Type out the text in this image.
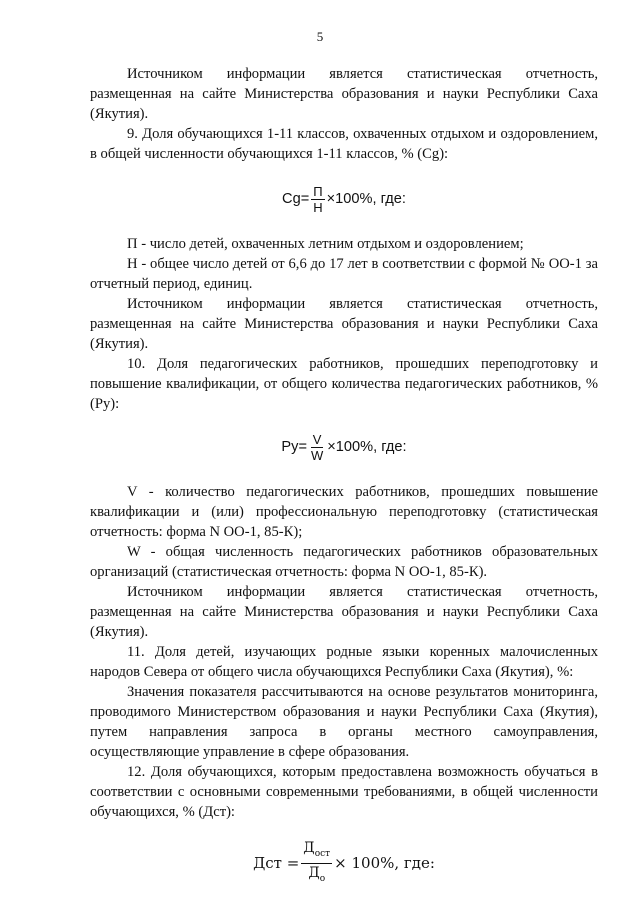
5

Источником информации является статистическая отчетность, размещенная на сайте Министерства образования и науки Республики Саха (Якутия).

9. Доля обучающихся 1-11 классов, охваченных отдыхом и оздоровлением, в общей численности обучающихся 1-11 классов, % (Cg):

$Cg= \frac{П}{Н} \times 100\%$, где:

П - число детей, охваченных летним отдыхом и оздоровлением;

Н - общее число детей от 6,6 до 17 лет в соответствии с формой № ОО-1 за отчетный период, единиц.

Источником информации является статистическая отчетность, размещенная на сайте Министерства образования и науки Республики Саха (Якутия).

10. Доля педагогических работников, прошедших переподготовку и повышение квалификации, от общего количества педагогических работников, % (Ру):

$Ру= \frac{V}{W} \times 100\%$, где:

V - количество педагогических работников, прошедших повышение квалификации и (или) профессиональную переподготовку (статистическая отчетность: форма N ОО-1, 85-К);

W - общая численность педагогических работников образовательных организаций (статистическая отчетность: форма N ОО-1, 85-К).

Источником информации является статистическая отчетность, размещенная на сайте Министерства образования и науки Республики Саха (Якутия).

11. Доля детей, изучающих родные языки коренных малочисленных народов Севера от общего числа обучающихся Республики Саха (Якутия), %:

Значения показателя рассчитываются на основе результатов мониторинга, проводимого Министерством образования и науки Республики Саха (Якутия), путем направления запроса в органы местного самоуправления, осуществляющие управление в сфере образования.

12. Доля обучающихся, которым предоставлена возможность обучаться в соответствии с основными современными требованиями, в общей численности обучающихся, % (Дст):

Дст = $\frac{Д_{ост}}{Д_о} \times 100\%$, где:
